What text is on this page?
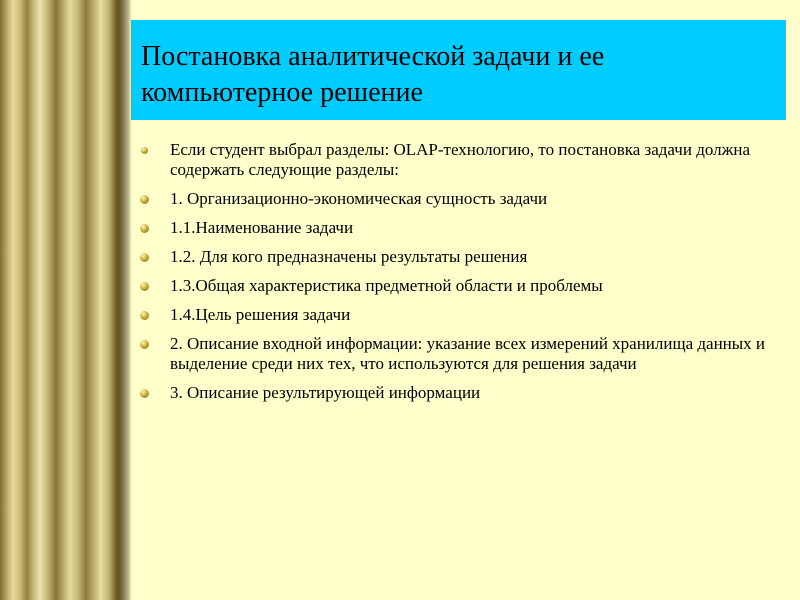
Постановка аналитической задачи и ее компьютерное решение
Если студент выбрал разделы: OLAP-технологию, то постановка задачи должна содержать следующие разделы:
1. Организационно-экономическая сущность задачи
1.1.Наименование задачи
1.2. Для кого предназначены результаты решения
1.3.Общая характеристика предметной области и проблемы
1.4.Цель решения задачи
2. Описание входной информации: указание всех измерений хранилища данных и выделение среди них тех, что используются для решения задачи
3. Описание результирующей информации
